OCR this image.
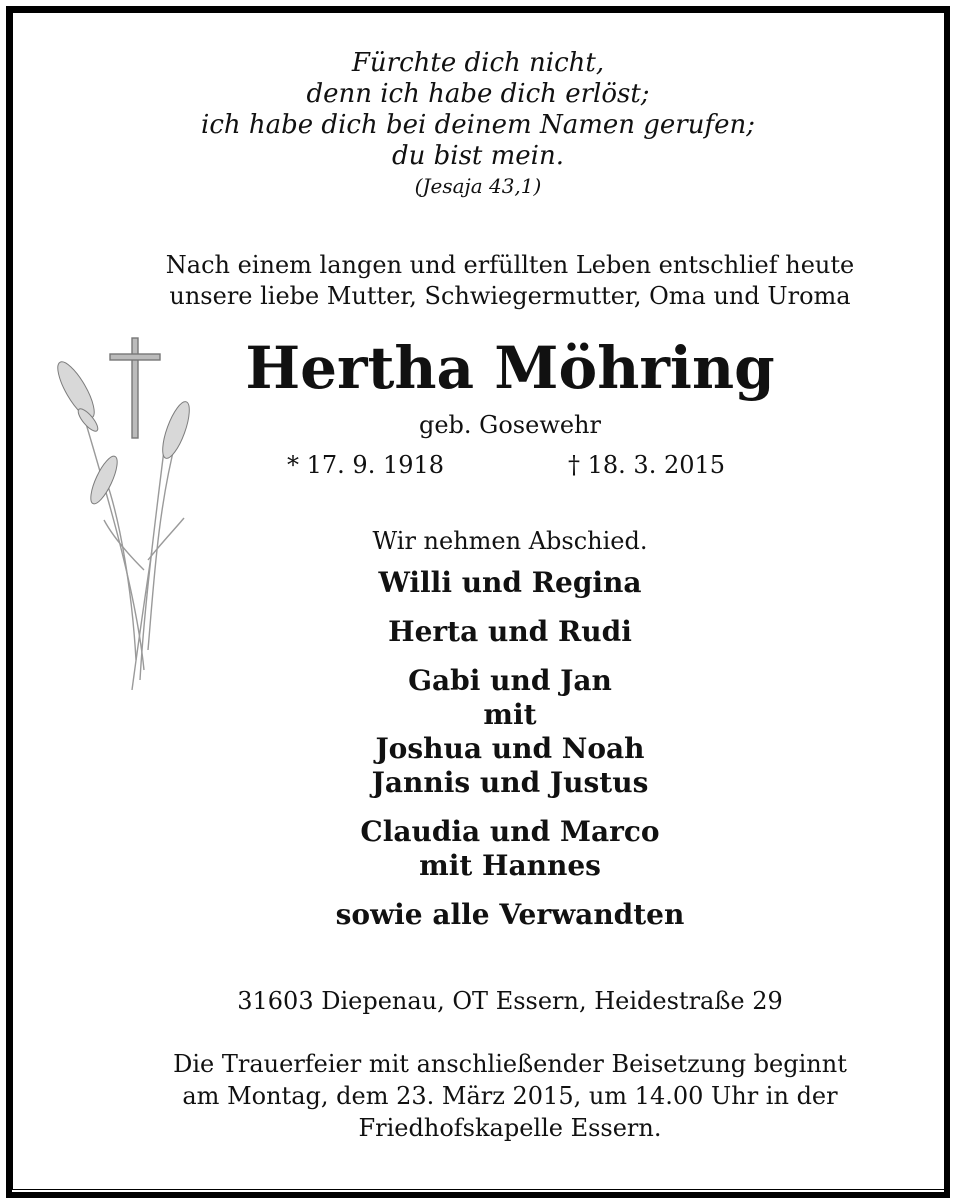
Fürchte dich nicht,
denn ich habe dich erlöst;
ich habe dich bei deinem Namen gerufen;
du bist mein.
(Jesaja 43,1)
Nach einem langen und erfüllten Leben entschlief heute
unsere liebe Mutter, Schwiegermutter, Oma und Uroma
Hertha Möhring
geb. Gosewehr
* 17. 9. 1918	† 18. 3. 2015
Wir nehmen Abschied.
Willi und Regina
Herta und Rudi
Gabi und Jan
mit
Joshua und Noah
Jannis und Justus
Claudia und Marco
mit Hannes
sowie alle Verwandten
31603 Diepenau, OT Essern, Heidestraße 29
Die Trauerfeier mit anschließender Beisetzung beginnt
am Montag, dem 23. März 2015, um 14.00 Uhr in der
Friedhofskapelle Essern.
